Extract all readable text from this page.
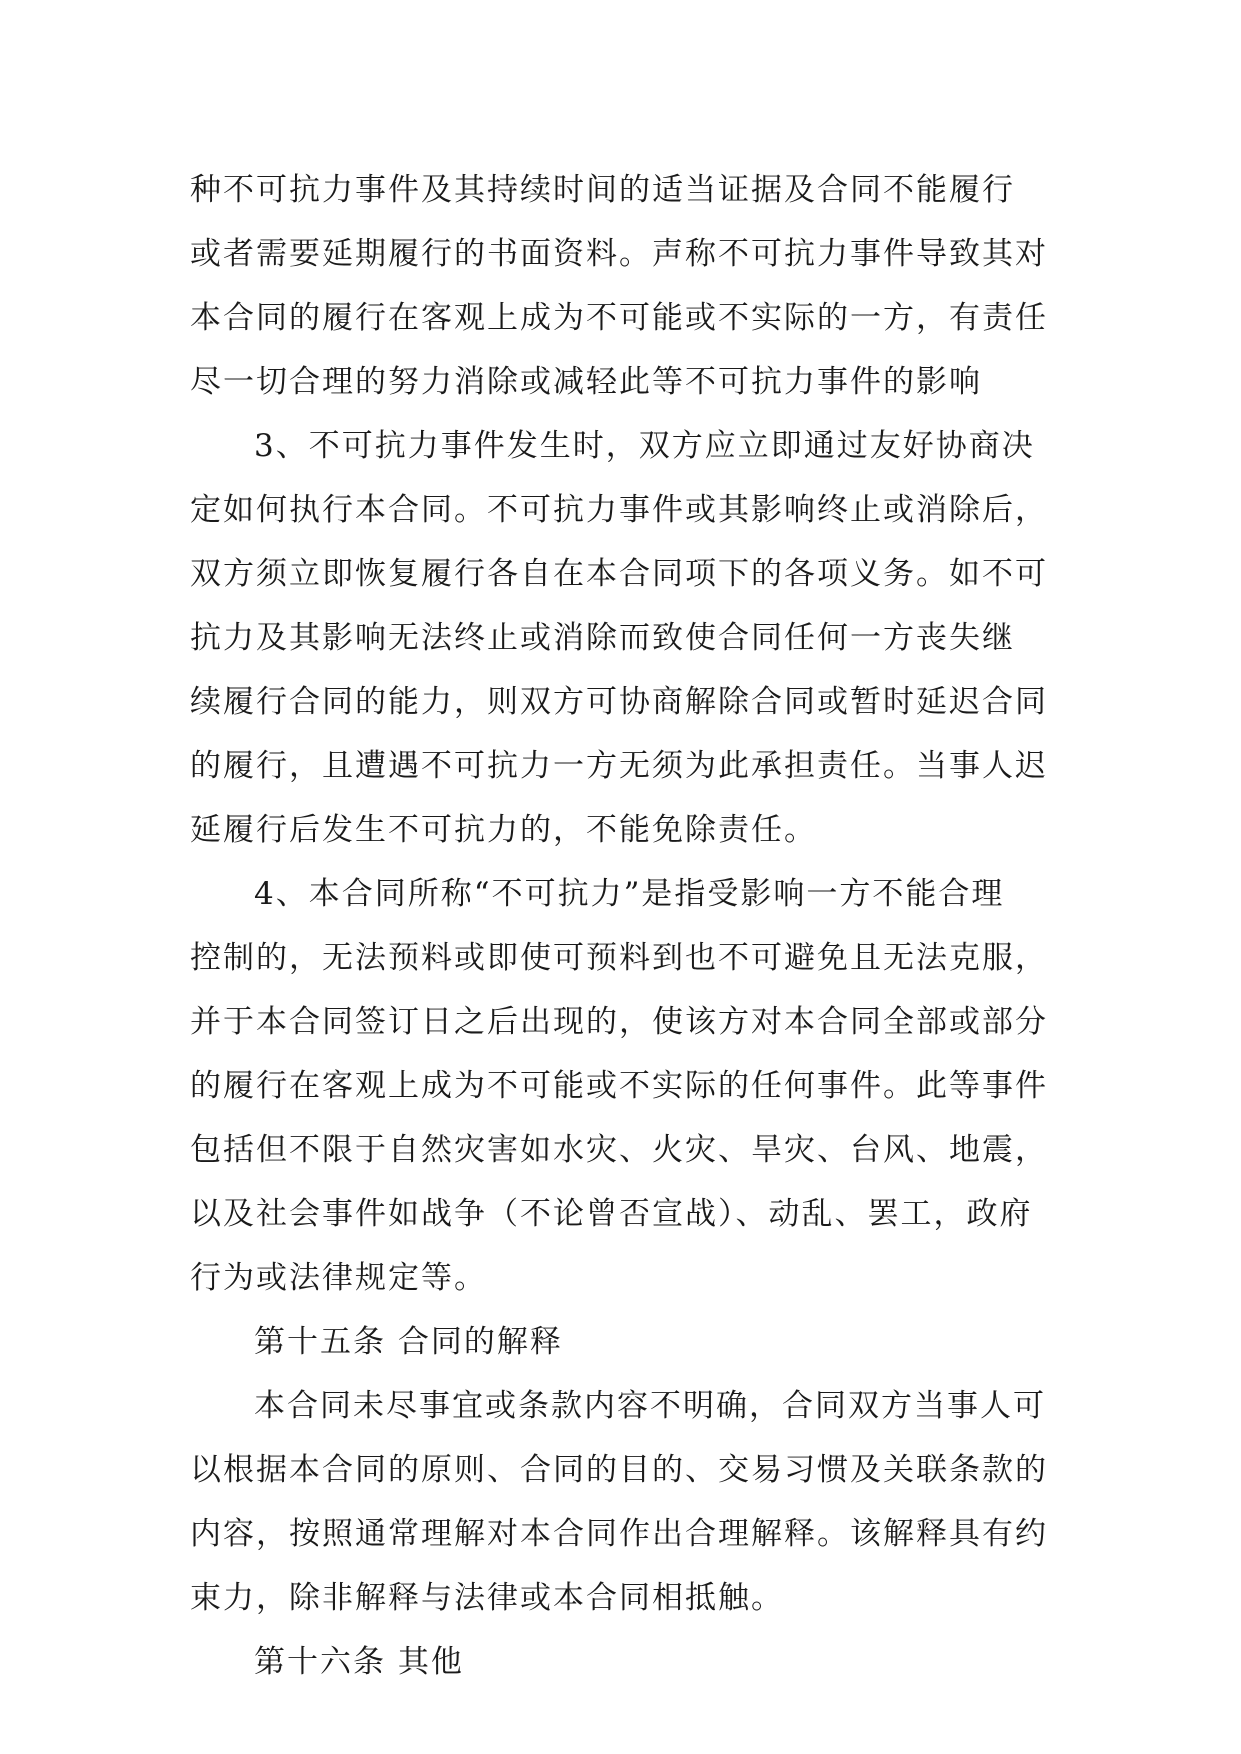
种不可抗力事件及其持续时间的适当证据及合同不能履行
或者需要延期履行的书面资料。声称不可抗力事件导致其对
本合同的履行在客观上成为不可能或不实际的一方，有责任
尽一切合理的努力消除或减轻此等不可抗力事件的影响
3、不可抗力事件发生时，双方应立即通过友好协商决
定如何执行本合同。不可抗力事件或其影响终止或消除后，
双方须立即恢复履行各自在本合同项下的各项义务。如不可
抗力及其影响无法终止或消除而致使合同任何一方丧失继
续履行合同的能力，则双方可协商解除合同或暂时延迟合同
的履行，且遭遇不可抗力一方无须为此承担责任。当事人迟
延履行后发生不可抗力的，不能免除责任。
4、本合同所称“不可抗力”是指受影响一方不能合理
控制的，无法预料或即使可预料到也不可避免且无法克服，
并于本合同签订日之后出现的，使该方对本合同全部或部分
的履行在客观上成为不可能或不实际的任何事件。此等事件
包括但不限于自然灾害如水灾、火灾、旱灾、台风、地震，
以及社会事件如战争（不论曾否宣战）、动乱、罢工，政府
行为或法律规定等。
第十五条 合同的解释
本合同未尽事宜或条款内容不明确，合同双方当事人可
以根据本合同的原则、合同的目的、交易习惯及关联条款的
内容，按照通常理解对本合同作出合理解释。该解释具有约
束力，除非解释与法律或本合同相抵触。
第十六条 其他
